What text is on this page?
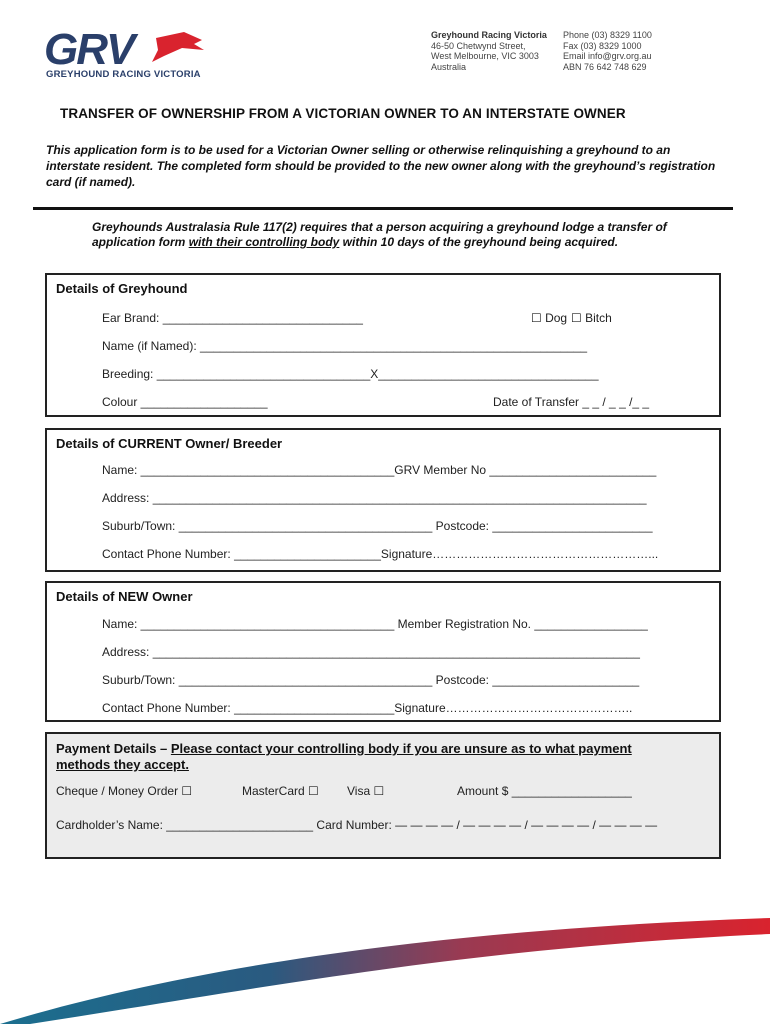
GRV
GREYHOUND RACING VICTORIA
Greyhound Racing Victoria
46-50 Chetwynd Street,
West Melbourne, VIC 3003
Australia
Phone (03) 8329 1100
Fax (03) 8329 1000
Email info@grv.org.au
ABN 76 642 748 629
TRANSFER OF OWNERSHIP FROM A VICTORIAN OWNER TO AN INTERSTATE OWNER
This application form is to be used for a Victorian Owner selling or otherwise relinquishing a greyhound to an interstate resident. The completed form should be provided to the new owner along with the greyhound’s registration card (if named).
Greyhounds Australasia Rule 117(2) requires that a person acquiring a greyhound lodge a transfer of application form with their controlling body within 10 days of the greyhound being acquired.
Details of Greyhound
Ear Brand: ______________________________	☐ Dog ☐ Bitch
Name (if Named): __________________________________________________________
Breeding: ________________________________X_________________________________
Colour ___________________	Date of Transfer _ _ / _ _ /_ _
Details of CURRENT Owner/ Breeder
Name: ______________________________________GRV Member No _________________________
Address: __________________________________________________________________________
Suburb/Town: ______________________________________ Postcode: ________________________
Contact Phone Number: ______________________Signature………………………………………………...
Details of NEW Owner
Name: ______________________________________ Member Registration No. _________________
Address: _________________________________________________________________________
Suburb/Town: ______________________________________ Postcode: ______________________
Contact Phone Number: ________________________Signature………………………………………..
Payment Details – Please contact your controlling body if you are unsure as to what payment
methods they accept.
Cheque / Money Order ☐	MasterCard ☐ Visa ☐	Amount $ __________________
Cardholder’s Name: ______________________ Card Number: — — — — / — — — — / — — — — / — — — —
